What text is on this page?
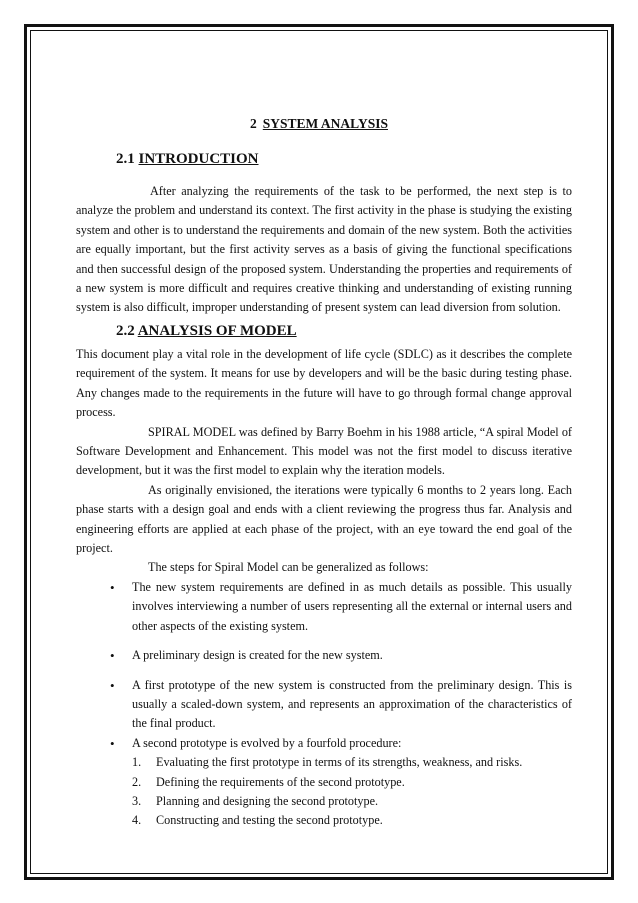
2 SYSTEM ANALYSIS
2.1 INTRODUCTION

After analyzing the requirements of the task to be performed, the next step is to analyze the problem and understand its context. The first activity in the phase is studying the existing system and other is to understand the requirements and domain of the new system. Both the activities are equally important, but the first activity serves as a basis of giving the functional specifications and then successful design of the proposed system. Understanding the properties and requirements of a new system is more difficult and requires creative thinking and understanding of existing running system is also difficult, improper understanding of present system can lead diversion from solution.

2.2 ANALYSIS OF MODEL

This document play a vital role in the development of life cycle (SDLC) as it describes the complete requirement of the system. It means for use by developers and will be the basic during testing phase. Any changes made to the requirements in the future will have to go through formal change approval process.

SPIRAL MODEL was defined by Barry Boehm in his 1988 article, “A spiral Model of Software Development and Enhancement. This model was not the first model to discuss iterative development, but it was the first model to explain why the iteration models.

As originally envisioned, the iterations were typically 6 months to 2 years long. Each phase starts with a design goal and ends with a client reviewing the progress thus far. Analysis and engineering efforts are applied at each phase of the project, with an eye toward the end goal of the project.

The steps for Spiral Model can be generalized as follows:

• The new system requirements are defined in as much details as possible. This usually involves interviewing a number of users representing all the external or internal users and other aspects of the existing system.
• A preliminary design is created for the new system.
• A first prototype of the new system is constructed from the preliminary design. This is usually a scaled-down system, and represents an approximation of the characteristics of the final product.
• A second prototype is evolved by a fourfold procedure:
1. Evaluating the first prototype in terms of its strengths, weakness, and risks.
2. Defining the requirements of the second prototype.
3. Planning and designing the second prototype.
4. Constructing and testing the second prototype.
